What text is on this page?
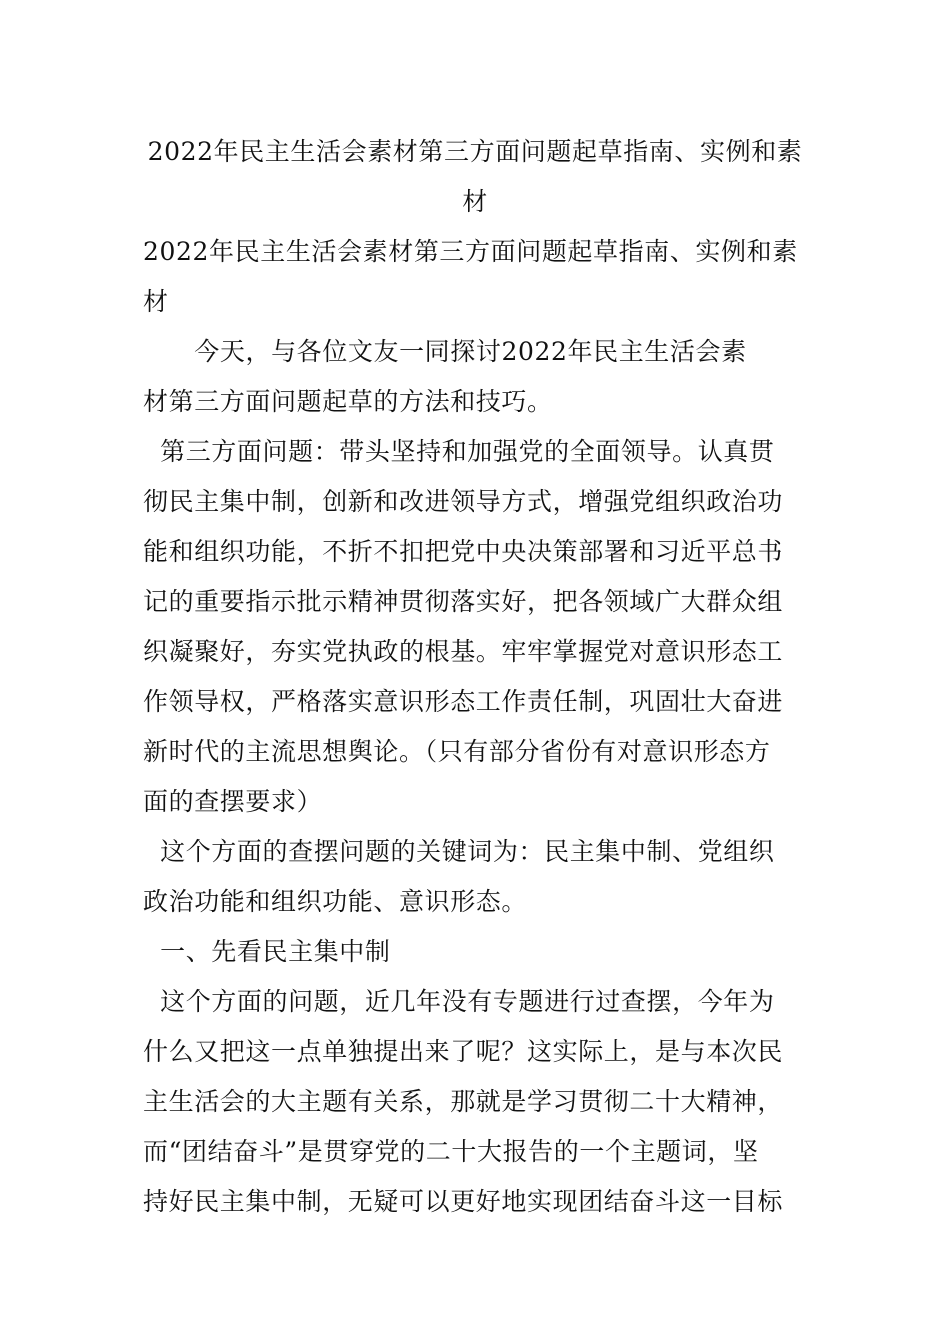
2022年民主生活会素材第三方面问题起草指南、实例和素
材
2022年民主生活会素材第三方面问题起草指南、实例和素
材
今天，与各位文友一同探讨2022年民主生活会素
材第三方面问题起草的方法和技巧。
第三方面问题：带头坚持和加强党的全面领导。认真贯
彻民主集中制，创新和改进领导方式，增强党组织政治功
能和组织功能，不折不扣把党中央决策部署和习近平总书
记的重要指示批示精神贯彻落实好，把各领域广大群众组
织凝聚好，夯实党执政的根基。牢牢掌握党对意识形态工
作领导权，严格落实意识形态工作责任制，巩固壮大奋进
新时代的主流思想舆论。（只有部分省份有对意识形态方
面的查摆要求）
这个方面的查摆问题的关键词为：民主集中制、党组织
政治功能和组织功能、意识形态。
一、先看民主集中制
这个方面的问题，近几年没有专题进行过查摆，今年为
什么又把这一点单独提出来了呢？这实际上，是与本次民
主生活会的大主题有关系，那就是学习贯彻二十大精神，
而“团结奋斗”是贯穿党的二十大报告的一个主题词，坚
持好民主集中制，无疑可以更好地实现团结奋斗这一目标
